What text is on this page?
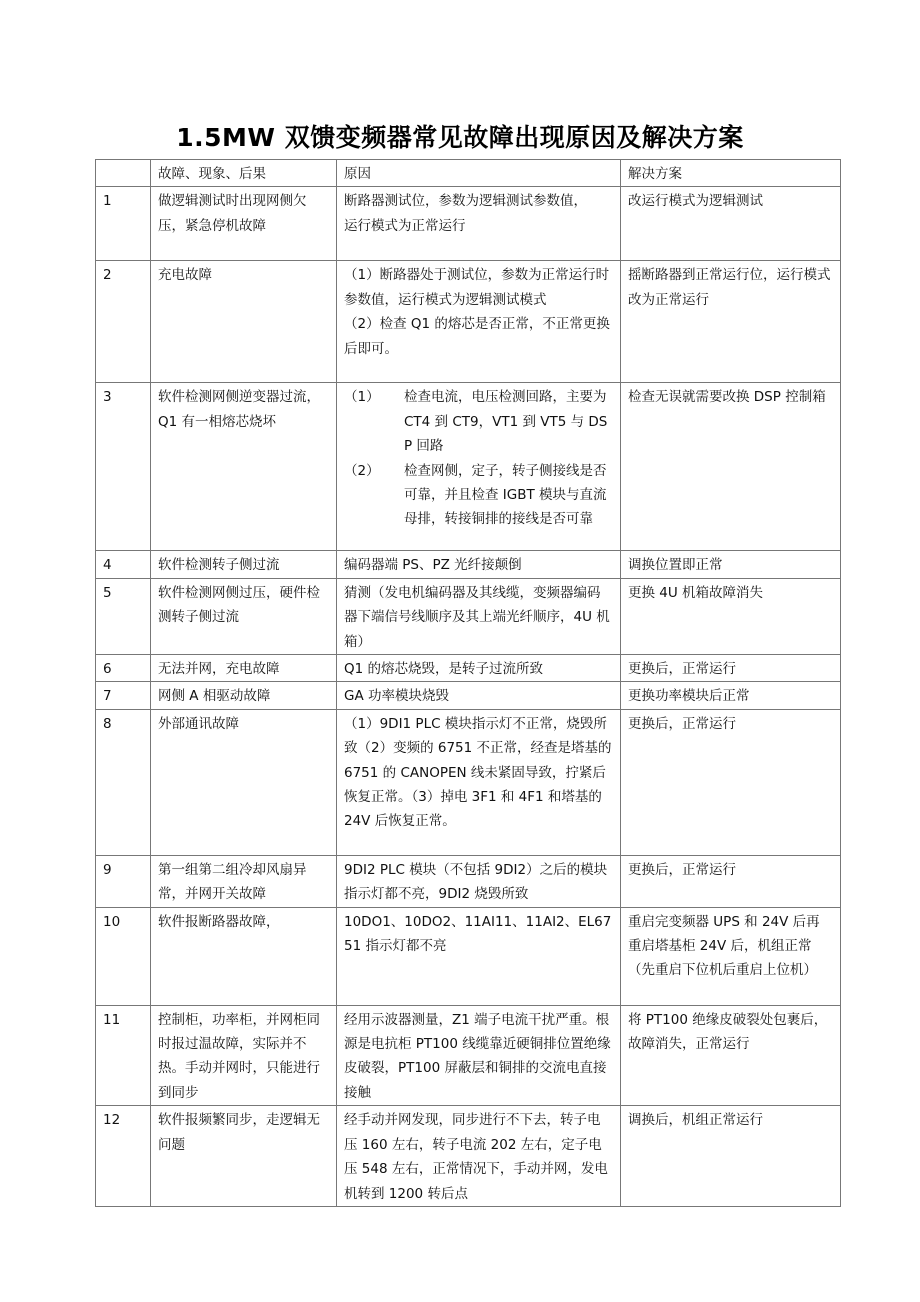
1.5MW 双馈变频器常见故障出现原因及解决方案
	故障、现象、后果	原因	解决方案
1	做逻辑测试时出现网侧欠压，紧急停机故障	断路器测试位，参数为逻辑测试参数值，
运行模式为正常运行	改运行模式为逻辑测试
2	充电故障	（1）断路器处于测试位，参数为正常运行时参数值，运行模式为逻辑测试模式
（2）检查 Q1 的熔芯是否正常，不正常更换后即可。	摇断路器到正常运行位，运行模式改为正常运行
3	软件检测网侧逆变器过流，Q1 有一相熔芯烧坏	（1） 检查电流，电压检测回路，主要为 CT4 到 CT9，VT1 到 VT5 与 DSP 回路
（2） 检查网侧，定子，转子侧接线是否可靠，并且检查 IGBT 模块与直流母排，转接铜排的接线是否可靠	检查无误就需要改换 DSP 控制箱
4	软件检测转子侧过流	编码器端 PS、PZ 光纤接颠倒	调换位置即正常
5	软件检测网侧过压，硬件检测转子侧过流	猜测（发电机编码器及其线缆，变频器编码器下端信号线顺序及其上端光纤顺序，4U 机箱）	更换 4U 机箱故障消失
6	无法并网，充电故障	Q1 的熔芯烧毁，是转子过流所致	更换后，正常运行
7	网侧 A 相驱动故障	GA 功率模块烧毁	更换功率模块后正常
8	外部通讯故障	（1）9DI1 PLC 模块指示灯不正常，烧毁所致（2）变频的 6751 不正常，经查是塔基的 6751 的 CANOPEN 线未紧固导致，拧紧后恢复正常。（3）掉电 3F1 和 4F1 和塔基的 24V 后恢复正常。	更换后，正常运行
9	第一组第二组冷却风扇异常，并网开关故障	9DI2 PLC 模块（不包括 9DI2）之后的模块指示灯都不亮，9DI2 烧毁所致	更换后，正常运行
10	软件报断路器故障，	10DO1、10DO2、11AI11、11AI2、EL6751 指示灯都不亮	重启完变频器 UPS 和 24V 后再重启塔基柜 24V 后，机组正常（先重启下位机后重启上位机）
11	控制柜，功率柜，并网柜同时报过温故障，实际并不热。手动并网时，只能进行到同步	经用示波器测量，Z1 端子电流干扰严重。根源是电抗柜 PT100 线缆靠近硬铜排位置绝缘皮破裂，PT100 屏蔽层和铜排的交流电直接接触	将 PT100 绝缘皮破裂处包裹后，故障消失，正常运行
12	软件报频繁同步，走逻辑无问题	经手动并网发现，同步进行不下去，转子电压 160 左右，转子电流 202 左右，定子电压 548 左右，正常情况下，手动并网，发电机转到 1200 转后点	调换后，机组正常运行
